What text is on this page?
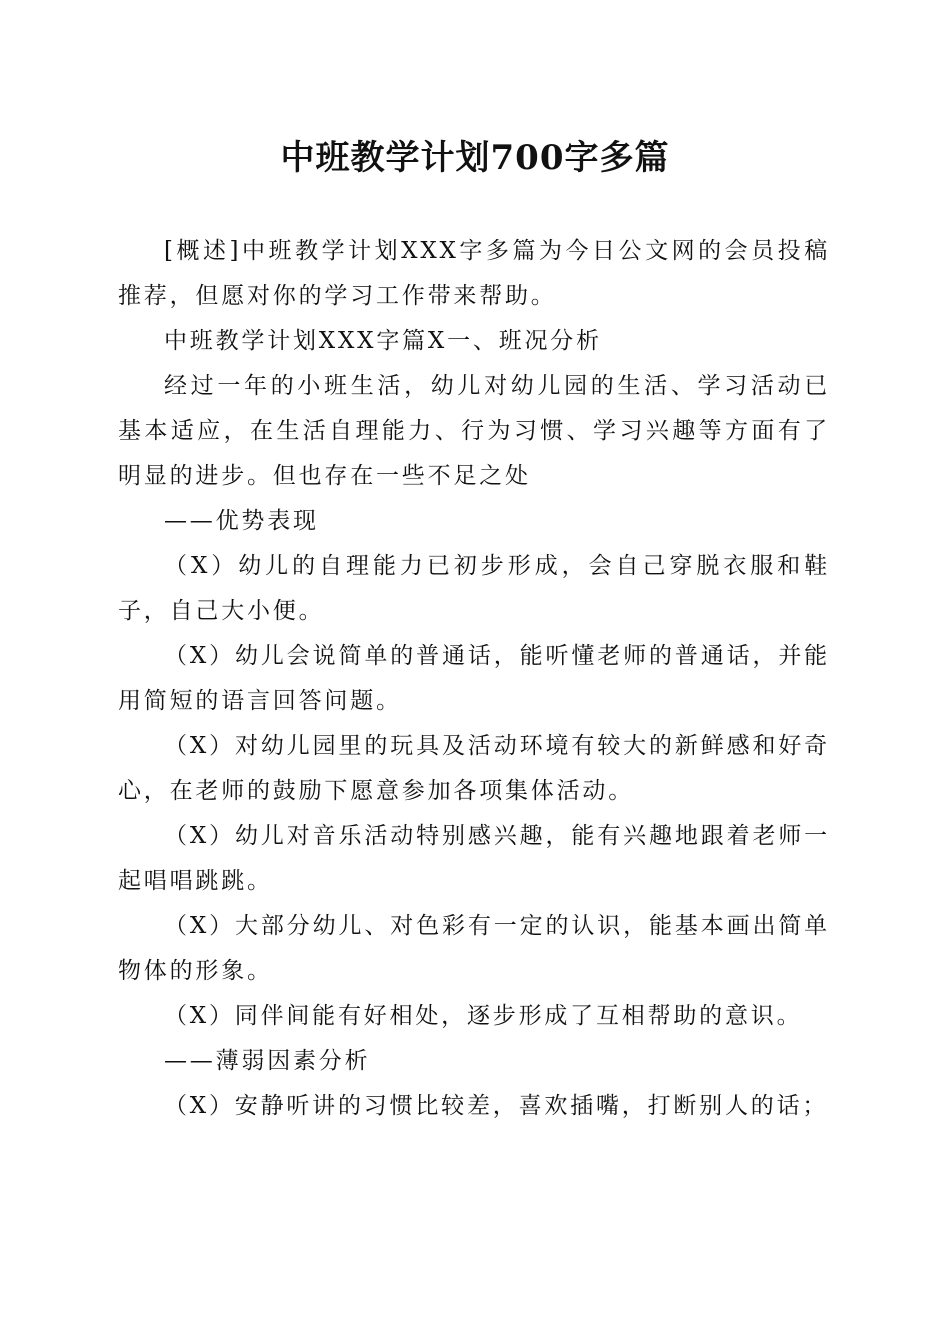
中班教学计划700字多篇

[概述]中班教学计划XXX字多篇为今日公文网的会员投稿推荐，但愿对你的学习工作带来帮助。

中班教学计划XXX字篇X一、班况分析

经过一年的小班生活，幼儿对幼儿园的生活、学习活动已基本适应，在生活自理能力、行为习惯、学习兴趣等方面有了明显的进步。但也存在一些不足之处

——优势表现

（X）幼儿的自理能力已初步形成，会自己穿脱衣服和鞋子，自己大小便。

（X）幼儿会说简单的普通话，能听懂老师的普通话，并能用简短的语言回答问题。

（X）对幼儿园里的玩具及活动环境有较大的新鲜感和好奇心，在老师的鼓励下愿意参加各项集体活动。

（X）幼儿对音乐活动特别感兴趣，能有兴趣地跟着老师一起唱唱跳跳。

（X）大部分幼儿、对色彩有一定的认识，能基本画出简单物体的形象。

（X）同伴间能有好相处，逐步形成了互相帮助的意识。

——薄弱因素分析

（X）安静听讲的习惯比较差，喜欢插嘴，打断别人的话；
